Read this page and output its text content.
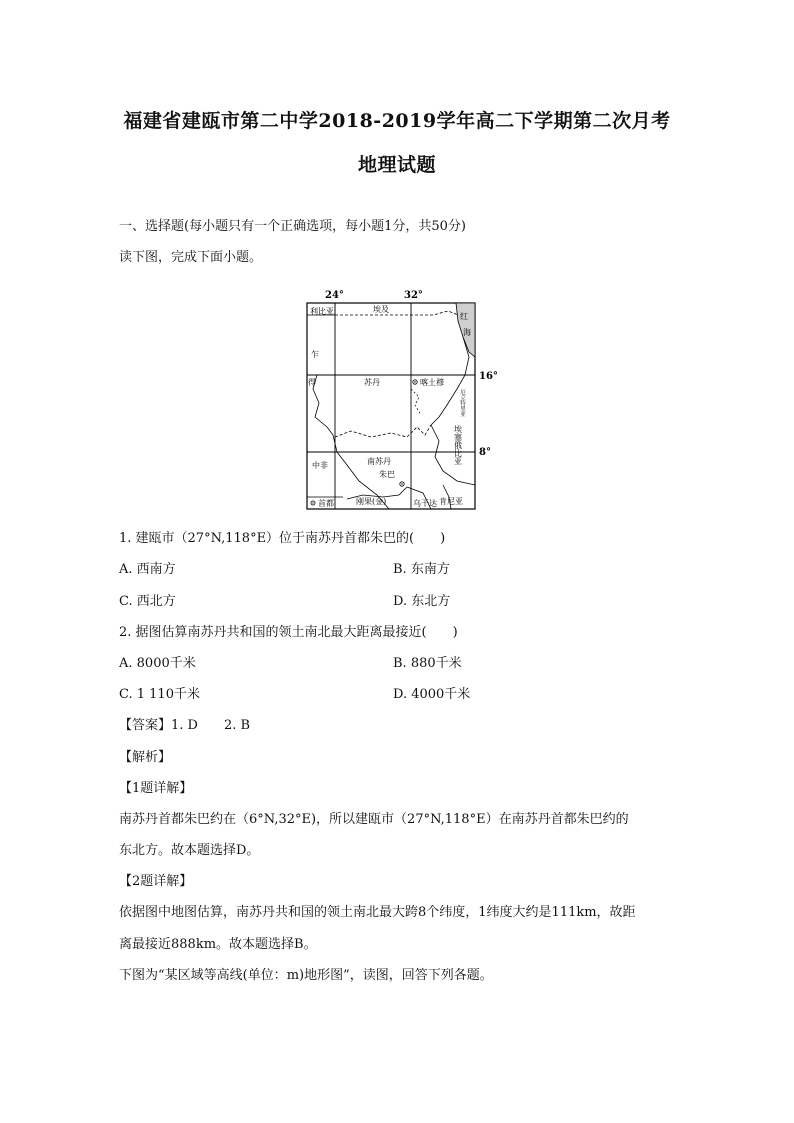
福建省建瓯市第二中学2018-2019学年高二下学期第二次月考
地理试题
一、选择题(每小题只有一个正确选项，每小题1分，共50分)
读下图，完成下面小题。
24°	32°
16°
8°
利比亚	埃及
红
海
乍
得
厄立特里亚
苏丹	喀土穆
埃塞俄比亚
中非	南苏丹
朱巴
刚果(金)	乌干达 肯尼亚
首都
1. 建瓯市（27°N,118°E）位于南苏丹首都朱巴的(　　)
A. 西南方	B. 东南方
C. 西北方	D. 东北方
2. 据图估算南苏丹共和国的领土南北最大距离最接近(　　)
A. 8000千米	B. 880千米
C. 1 110千米	D. 4000千米
【答案】1. D　　2. B
【解析】
【1题详解】
南苏丹首都朱巴约在（6°N,32°E)，所以建瓯市（27°N,118°E）在南苏丹首都朱巴约的
东北方。故本题选择D。
【2题详解】
依据图中地图估算，南苏丹共和国的领土南北最大跨8个纬度，1纬度大约是111km，故距
离最接近888km。故本题选择B。
下图为“某区域等高线(单位：m)地形图”，读图，回答下列各题。
